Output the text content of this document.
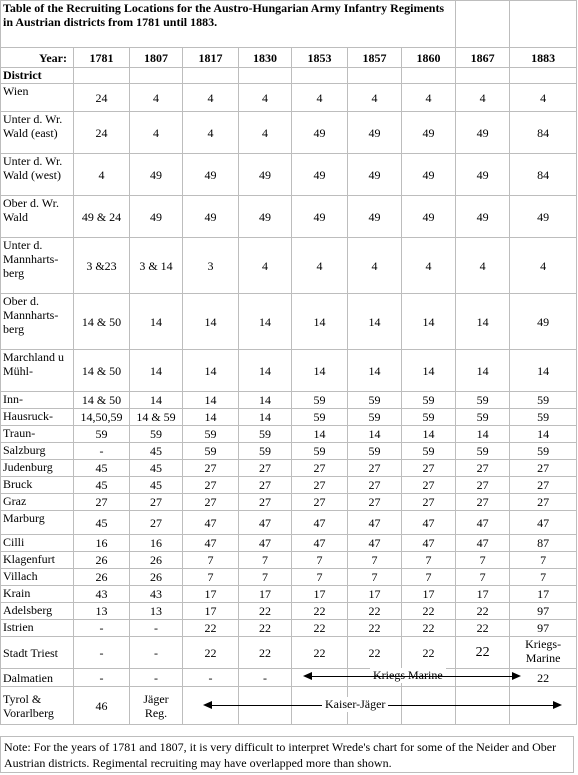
Table of the Recruiting Locations for the Austro-Hungarian Army Infantry Regiments in Austrian districts from 1781 until 1883.									
Year:	1781	1807	1817	1830	1853	1857	1860	1867	1883
District									
Wien	24	4	4	4	4	4	4	4	4
Unter d. Wr. Wald (east)	24	4	4	4	49	49	49	49	84
Unter d. Wr. Wald (west)	4	49	49	49	49	49	49	49	84
Ober d. Wr. Wald	49 & 24	49	49	49	49	49	49	49	49
Unter d. Mannharts-berg	3 &23	3 & 14	3	4	4	4	4	4	4
Ober d. Mannharts-berg	14 & 50	14	14	14	14	14	14	14	49
Marchland u Mühl-	14 & 50	14	14	14	14	14	14	14	14
Inn-	14 & 50	14	14	14	59	59	59	59	59
Hausruck-	14,50,59	14 & 59	14	14	59	59	59	59	59
Traun-	59	59	59	59	14	14	14	14	14
Salzburg	-	45	59	59	59	59	59	59	59
Judenburg	45	45	27	27	27	27	27	27	27
Bruck	45	45	27	27	27	27	27	27	27
Graz	27	27	27	27	27	27	27	27	27
Marburg	45	27	47	47	47	47	47	47	47
Cilli	16	16	47	47	47	47	47	47	87
Klagenfurt	26	26	7	7	7	7	7	7	7
Villach	26	26	7	7	7	7	7	7	7
Krain	43	43	17	17	17	17	17	17	17
Adelsberg	13	13	17	22	22	22	22	22	97
Istrien	-	-	22	22	22	22	22	22	97
Stadt Triest	-	-	22	22	22	22	22	22	Kriegs-Marine
Dalmatien	-	-	-	-					22
Tyrol & Vorarlberg	46	Jäger Reg.							
Kriegs Marine
Kaiser-Jäger
Note: For the years of 1781 and 1807, it is very difficult to interpret Wrede's chart for some of the Neider and Ober Austrian districts. Regimental recruiting may have overlapped more than shown.
